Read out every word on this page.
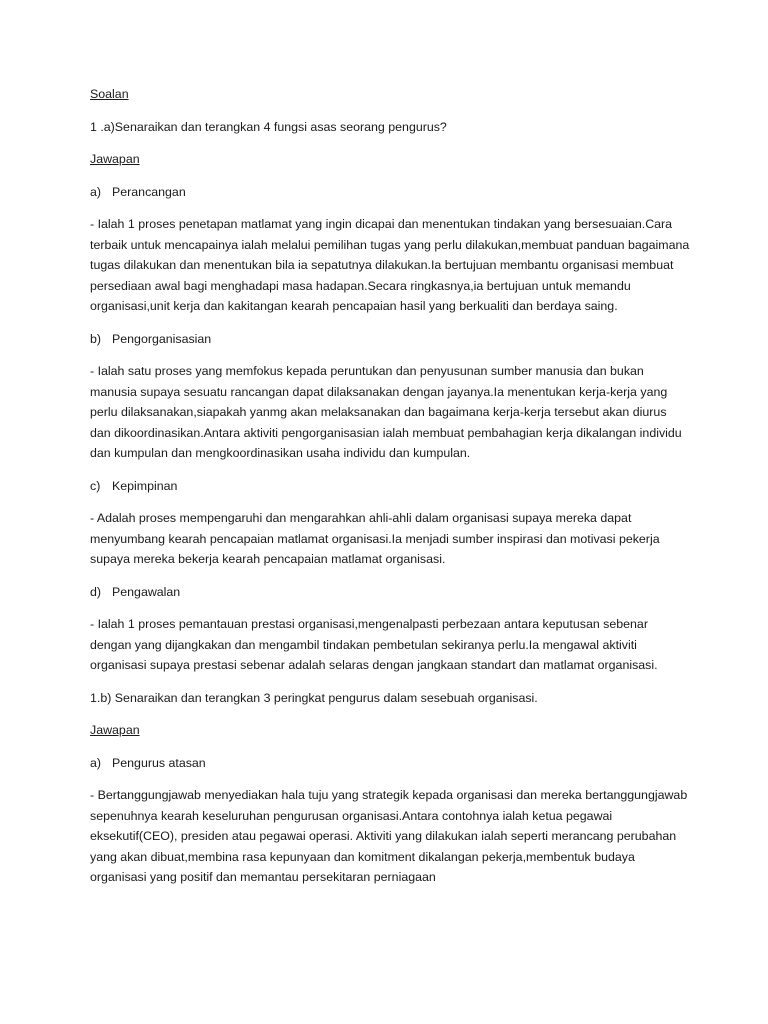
Soalan
1 .a)Senaraikan dan terangkan 4 fungsi asas seorang pengurus?
Jawapan
a) Perancangan
- Ialah 1 proses penetapan matlamat yang ingin dicapai dan menentukan tindakan yang bersesuaian.Cara terbaik untuk mencapainya ialah melalui pemilihan tugas yang perlu dilakukan,membuat panduan bagaimana tugas dilakukan dan menentukan bila ia sepatutnya dilakukan.Ia bertujuan membantu organisasi membuat persediaan awal bagi menghadapi masa hadapan.Secara ringkasnya,ia bertujuan untuk memandu organisasi,unit kerja dan kakitangan kearah pencapaian hasil yang berkualiti dan berdaya saing.
b) Pengorganisasian
- Ialah satu proses yang memfokus kepada peruntukan dan penyusunan sumber manusia dan bukan manusia supaya sesuatu rancangan dapat dilaksanakan dengan jayanya.Ia menentukan kerja-kerja yang perlu dilaksanakan,siapakah yanmg akan melaksanakan dan bagaimana kerja-kerja tersebut akan diurus dan dikoordinasikan.Antara aktiviti pengorganisasian ialah membuat pembahagian kerja dikalangan individu dan kumpulan dan mengkoordinasikan usaha individu dan kumpulan.
c) Kepimpinan
- Adalah proses mempengaruhi dan mengarahkan ahli-ahli dalam organisasi supaya mereka dapat menyumbang kearah pencapaian matlamat organisasi.Ia menjadi sumber inspirasi dan motivasi pekerja supaya mereka bekerja kearah pencapaian matlamat organisasi.
d) Pengawalan
- Ialah 1 proses pemantauan prestasi organisasi,mengenalpasti perbezaan antara keputusan sebenar dengan yang dijangkakan dan mengambil tindakan pembetulan sekiranya perlu.Ia mengawal aktiviti organisasi supaya prestasi sebenar adalah selaras dengan jangkaan standart dan matlamat organisasi.
1.b) Senaraikan dan terangkan 3 peringkat pengurus dalam sesebuah organisasi.
Jawapan
a) Pengurus atasan
- Bertanggungjawab menyediakan hala tuju yang strategik kepada organisasi dan mereka bertanggungjawab sepenuhnya kearah keseluruhan pengurusan organisasi.Antara contohnya ialah ketua pegawai eksekutif(CEO), presiden atau pegawai operasi. Aktiviti yang dilakukan ialah seperti merancang perubahan yang akan dibuat,membina rasa kepunyaan dan komitment dikalangan pekerja,membentuk budaya organisasi yang positif dan memantau persekitaran perniagaan
